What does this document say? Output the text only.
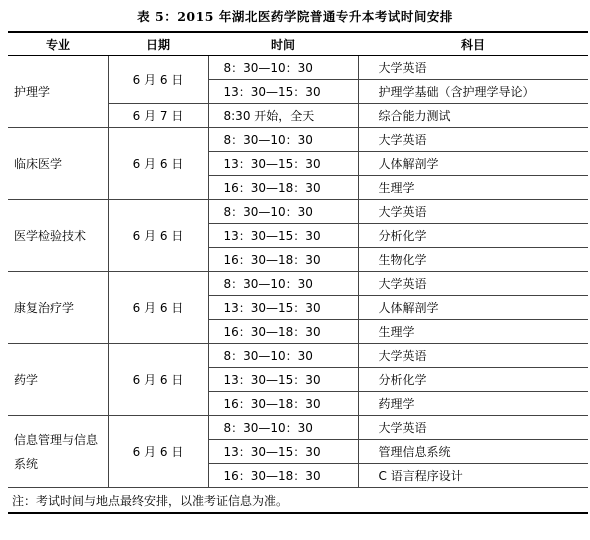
表 5：2015 年湖北医药学院普通专升本考试时间安排
专业	日期	时间	科目
护理学	6 月 6 日	8：30—10：30	大学英语
		13：30—15：30	护理学基础（含护理学导论）
	6 月 7 日	8:30 开始，全天	综合能力测试
临床医学	6 月 6 日	8：30—10：30	大学英语
		13：30—15：30	人体解剖学
		16：30—18：30	生理学
医学检验技术	6 月 6 日	8：30—10：30	大学英语
		13：30—15：30	分析化学
		16：30—18：30	生物化学
康复治疗学	6 月 6 日	8：30—10：30	大学英语
		13：30—15：30	人体解剖学
		16：30—18：30	生理学
药学	6 月 6 日	8：30—10：30	大学英语
		13：30—15：30	分析化学
		16：30—18：30	药理学
信息管理与信息系统	6 月 6 日	8：30—10：30	大学英语
		13：30—15：30	管理信息系统
		16：30—18：30	C 语言程序设计
注：考试时间与地点最终安排，以准考证信息为准。			
